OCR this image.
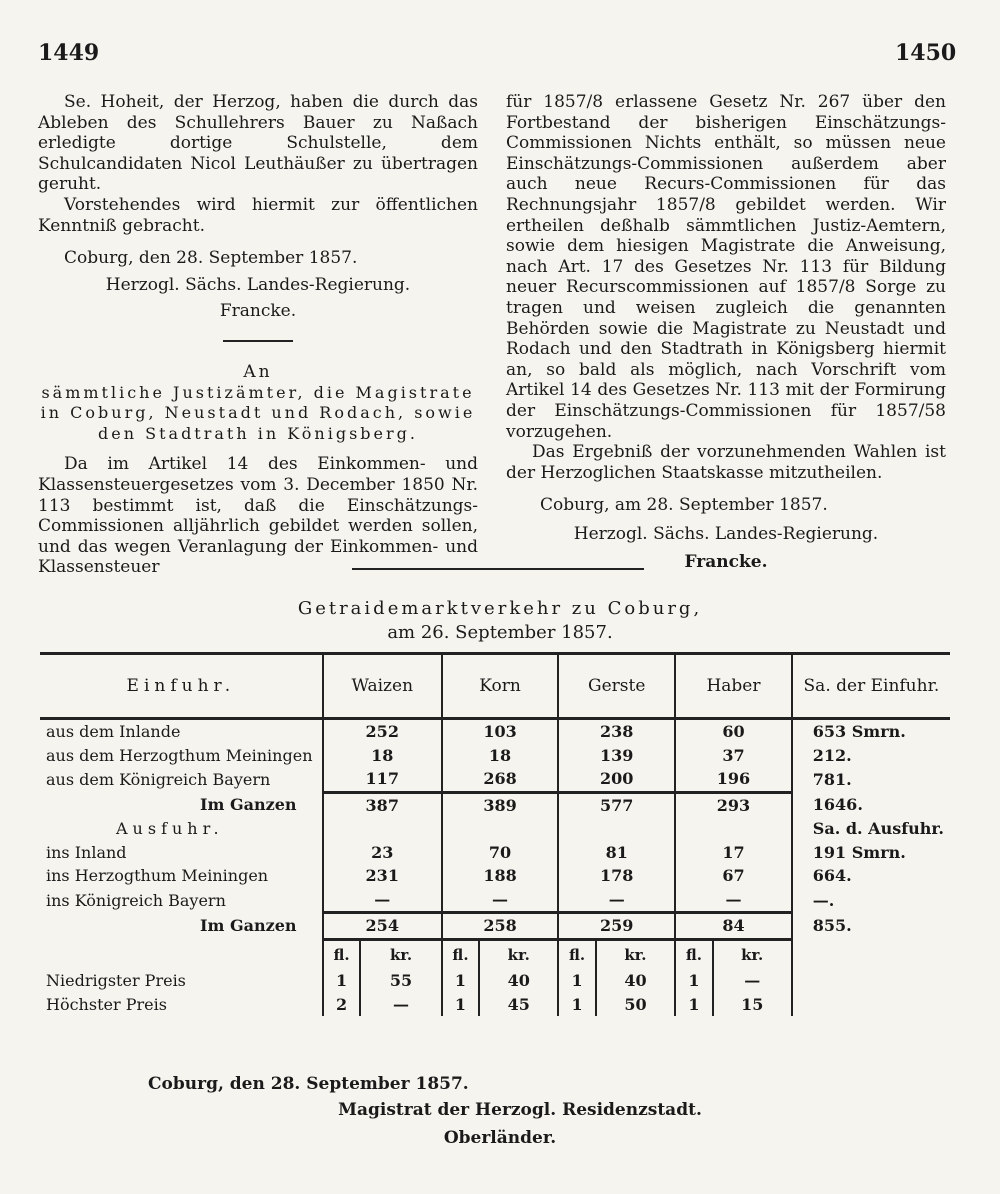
1449	1450

Se. Hoheit, der Herzog, haben die durch das Ableben des Schullehrers Bauer zu Naßach erledigte dortige Schulstelle, dem Schulcandidaten Nicol Leuthäußer zu übertragen geruht.

Vorstehendes wird hiermit zur öffentlichen Kenntniß gebracht.

Coburg, den 28. September 1857.

Herzogl. Sächs. Landes-Regierung.

Francke.

An

sämmtliche Justizämter, die Magistrate

in Coburg, Neustadt und Rodach, sowie

den Stadtrath in Königsberg.

Da im Artikel 14 des Einkommen- und Klassensteuergesetzes vom 3. December 1850 Nr. 113 bestimmt ist, daß die Einschätzungs-Commissionen alljährlich gebildet werden sollen, und das wegen Veranlagung der Einkommen- und Klassensteuer

für 1857/8 erlassene Gesetz Nr. 267 über den Fortbestand der bisherigen Einschätzungs-Commissionen Nichts enthält, so müssen neue Einschätzungs-Commissionen außerdem aber auch neue Recurs-Commissionen für das Rechnungsjahr 1857/8 gebildet werden. Wir ertheilen deßhalb sämmtlichen Justiz-Aemtern, sowie dem hiesigen Magistrate die Anweisung, nach Art. 17 des Gesetzes Nr. 113 für Bildung neuer Recurscommissionen auf 1857/8 Sorge zu tragen und weisen zugleich die genannten Behörden sowie die Magistrate zu Neustadt und Rodach und den Stadtrath in Königsberg hiermit an, so bald als möglich, nach Vorschrift vom Artikel 14 des Gesetzes Nr. 113 mit der Formirung der Einschätzungs-Commissionen für 1857/58 vorzugehen.

Das Ergebniß der vorzunehmenden Wahlen ist der Herzoglichen Staatskasse mitzutheilen.

Coburg, am 28. September 1857.

Herzogl. Sächs. Landes-Regierung.

Francke.

Getraidemarktverkehr zu Coburg,
am 26. September 1857.
Einfuhr.	Waizen		Korn		Gerste		Haber		Sa. der Einfuhr.
aus dem Inlande	252		103		238		60		653 Smrn.
aus dem Herzogthum Meiningen	18		18		139		37		212.
aus dem Königreich Bayern	117		268		200		196		781.
Im Ganzen	387		389		577		293		1646.
Ausfuhr.									Sa. d. Ausfuhr.
ins Inland	23		70		81		17		191 Smrn.
ins Herzogthum Meiningen	231		188		178		67		664.
ins Königreich Bayern	—		—		—		—		—.
Im Ganzen	254		258		259		84		855.
	fl.	kr.	fl.	kr.	fl.	kr.	fl.	kr.	
Niedrigster Preis	1	55	1	40	1	40	1	—	
Höchster Preis	2	—	1	45	1	50	1	15	
Coburg, den 28. September 1857.
Magistrat der Herzogl. Residenzstadt.
Oberländer.
